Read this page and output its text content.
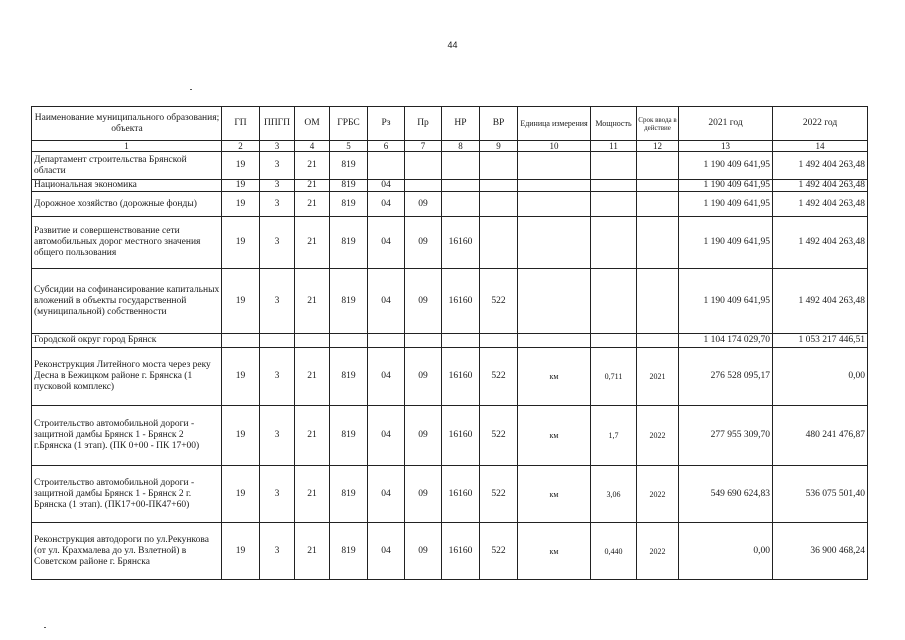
44
Наименование муниципального образования; объекта	ГП	ППГП	ОМ	ГРБС	Рз	Пр	НР	ВР	Единица измерения	Мощность	Срок ввода в действие	2021 год	2022 год
1	2	3	4	5	6	7	8	9	10	11	12	13	14
Департамент строительства Брянской области	19	3	21	819								1 190 409 641,95	1 492 404 263,48
Национальная экономика	19	3	21	819	04							1 190 409 641,95	1 492 404 263,48
Дорожное хозяйство (дорожные фонды)	19	3	21	819	04	09						1 190 409 641,95	1 492 404 263,48
Развитие и совершенствование сети автомобильных дорог местного значения общего пользования	19	3	21	819	04	09	16160					1 190 409 641,95	1 492 404 263,48
Субсидии на софинансирование капитальных вложений в объекты государственной (муниципальной) собственности	19	3	21	819	04	09	16160	522				1 190 409 641,95	1 492 404 263,48
Городской округ город Брянск												1 104 174 029,70	1 053 217 446,51
Реконструкция Литейного моста через реку Десна в Бежицком районе г. Брянска (1 пусковой комплекс)	19	3	21	819	04	09	16160	522	км	0,711	2021	276 528 095,17	0,00
Строительство автомобильной дороги - защитной дамбы Брянск 1 - Брянск 2 г.Брянска (1 этап). (ПК 0+00 - ПК 17+00)	19	3	21	819	04	09	16160	522	км	1,7	2022	277 955 309,70	480 241 476,87
Строительство автомобильной дороги - защитной дамбы Брянск 1 - Брянск 2 г. Брянска (1 этап). (ПК17+00-ПК47+60)	19	3	21	819	04	09	16160	522	км	3,06	2022	549 690 624,83	536 075 501,40
Реконструкция автодороги по ул.Рекункова (от ул. Крахмалева до ул. Взлетной) в Советском районе г. Брянска	19	3	21	819	04	09	16160	522	км	0,440	2022	0,00	36 900 468,24
